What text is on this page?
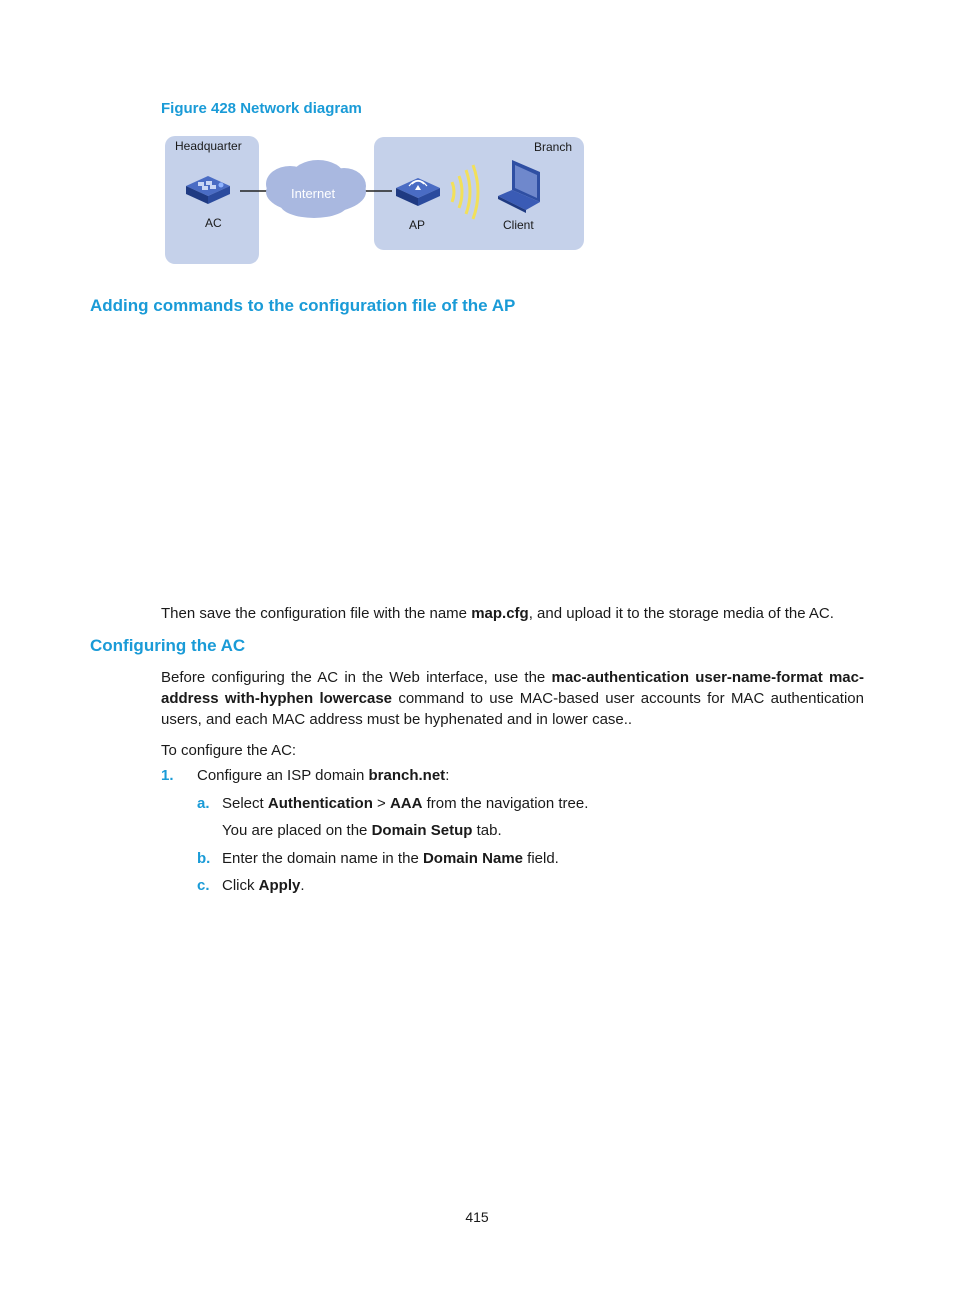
Figure 428 Network diagram
Headquarter	Branch
Internet
AC	AP	Client
Adding commands to the configuration file of the AP
Then save the configuration file with the name map.cfg, and upload it to the storage media of the AC.
Configuring the AC
Before configuring the AC in the Web interface, use the mac-authentication user-name-format mac-address with-hyphen lowercase command to use MAC-based user accounts for MAC authentication users, and each MAC address must be hyphenated and in lower case..
To configure the AC:
1. Configure an ISP domain branch.net:
a. Select Authentication > AAA from the navigation tree.
You are placed on the Domain Setup tab.
b. Enter the domain name in the Domain Name field.
c. Click Apply.
415
